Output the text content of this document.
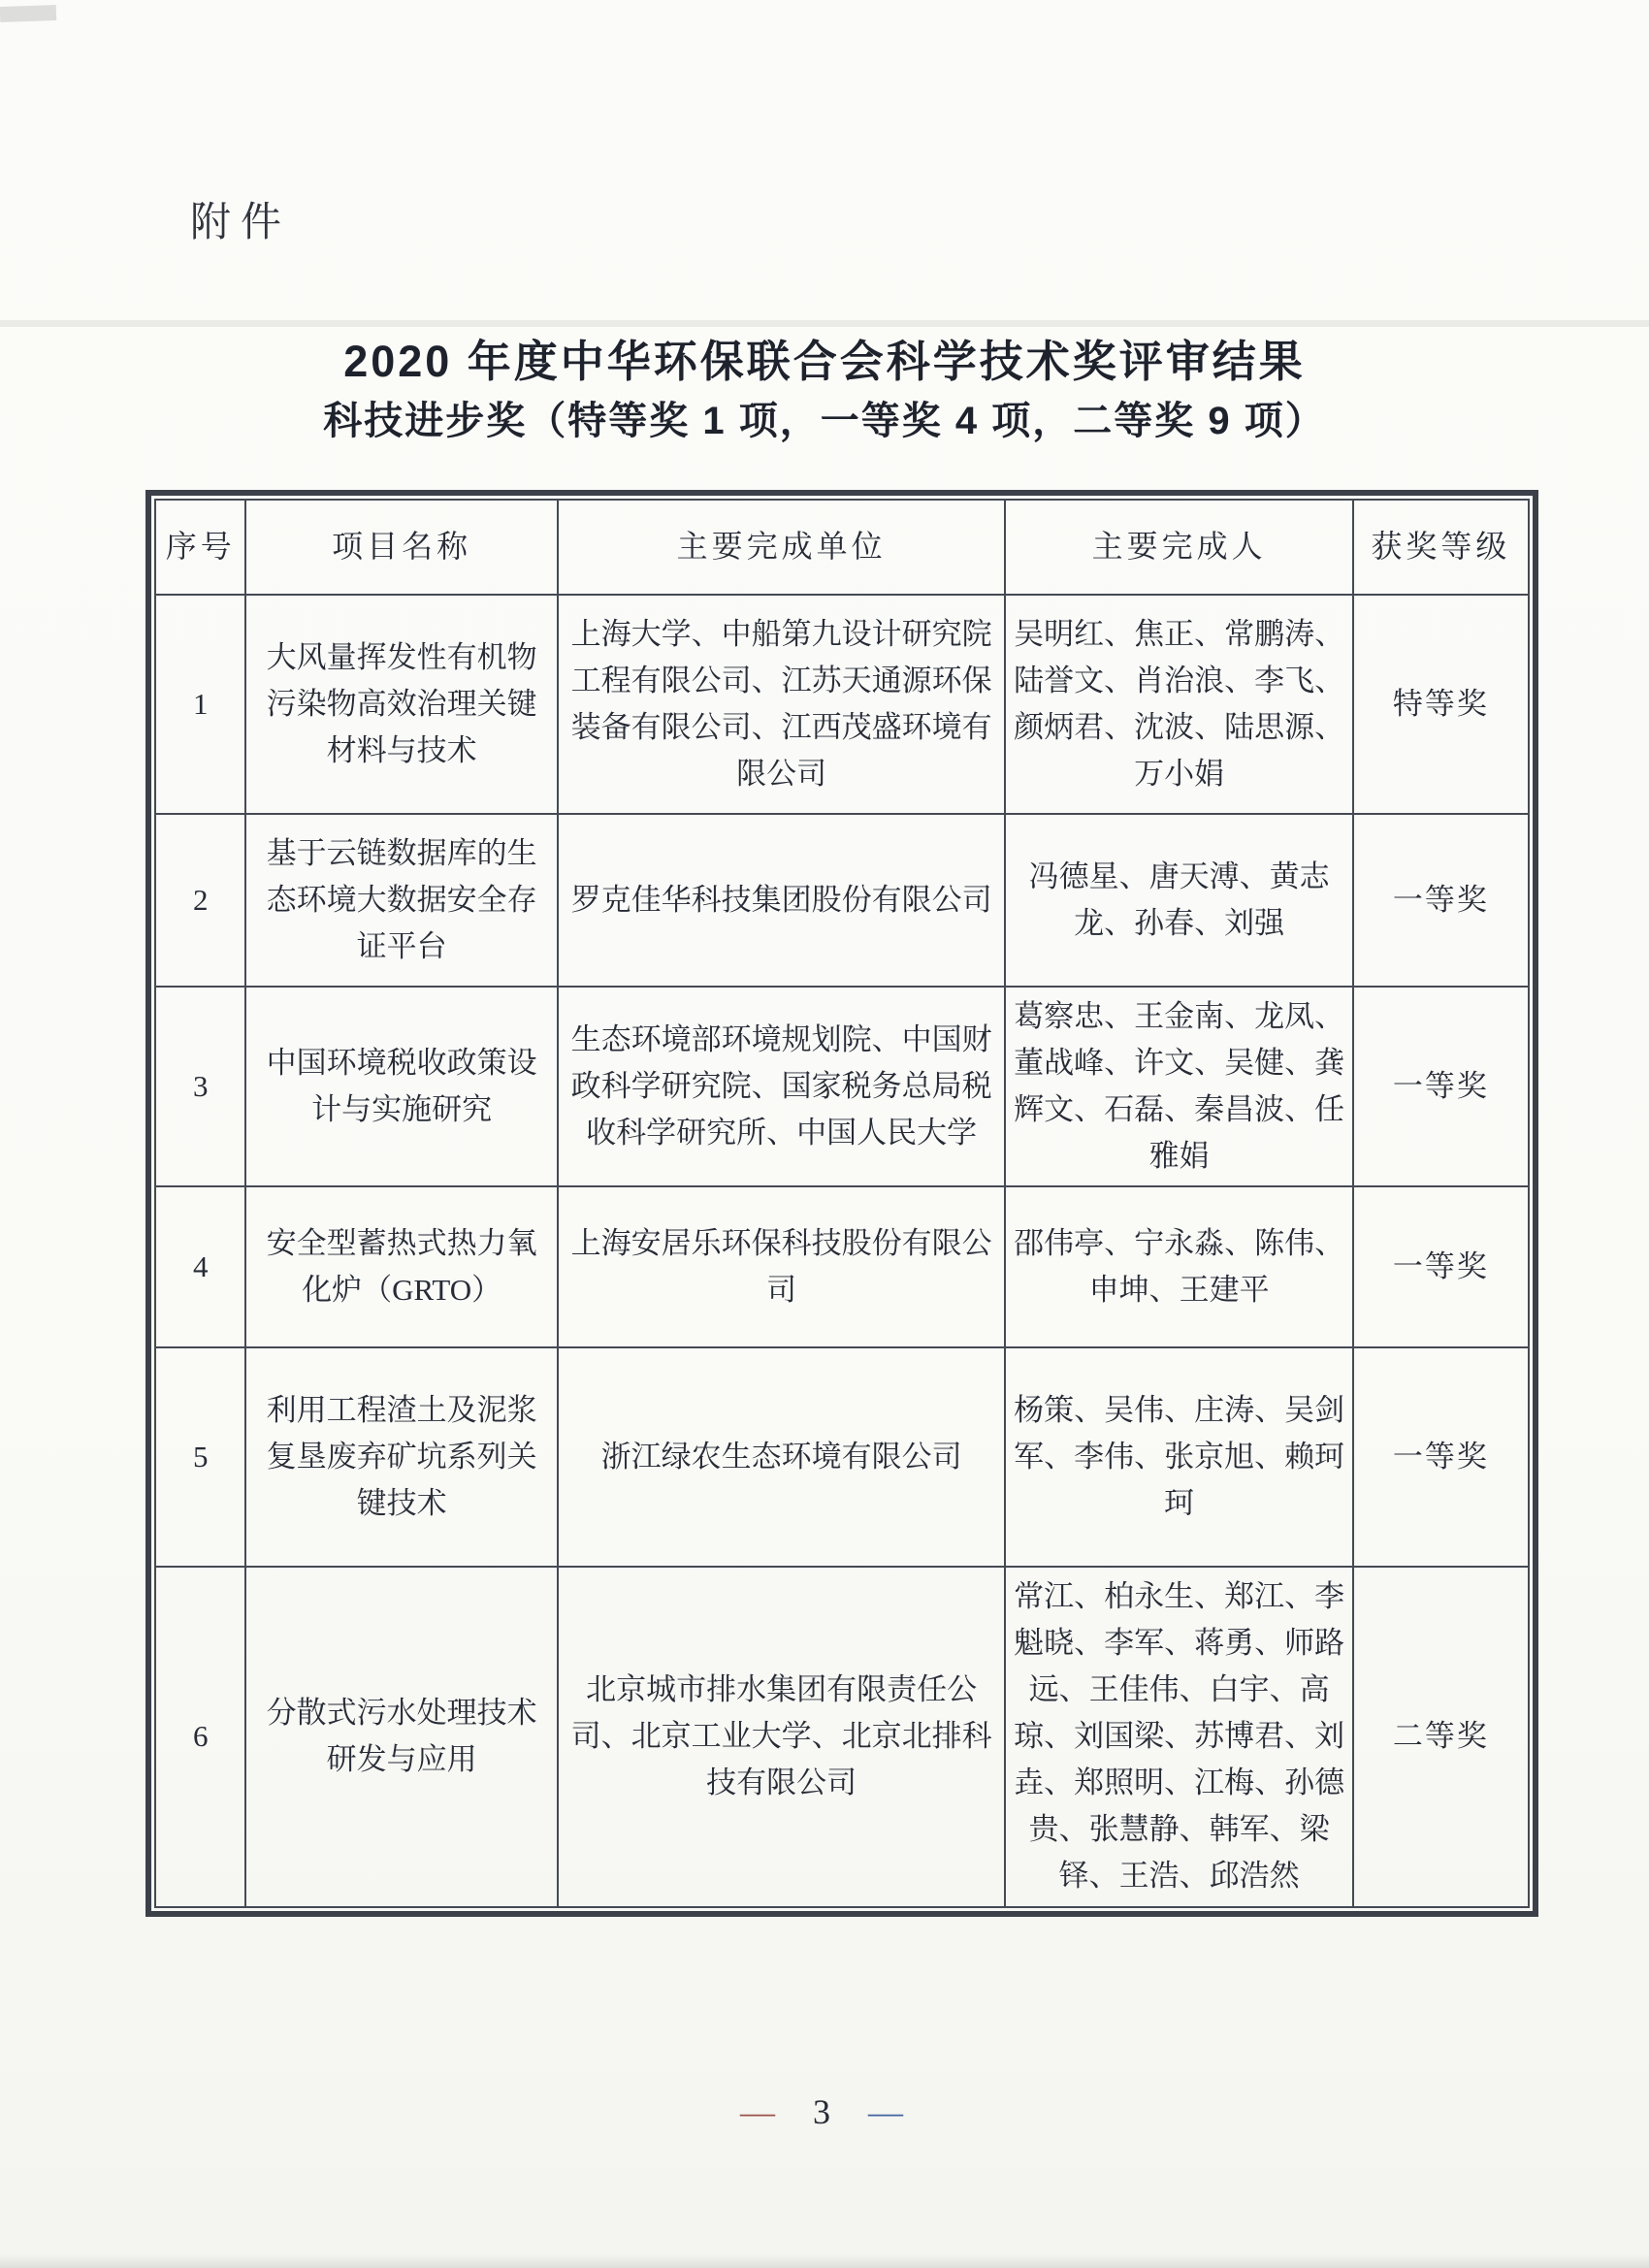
附件
2020 年度中华环保联合会科学技术奖评审结果
科技进步奖（特等奖 1 项，一等奖 4 项，二等奖 9 项）
序号	项目名称	主要完成单位	主要完成人	获奖等级
1	大风量挥发性有机物污染物高效治理关键材料与技术	上海大学、中船第九设计研究院工程有限公司、江苏天通源环保装备有限公司、江西茂盛环境有限公司	吴明红、焦正、常鹏涛、陆誉文、肖治浪、李飞、颜炳君、沈波、陆思源、万小娟	特等奖
2	基于云链数据库的生态环境大数据安全存证平台	罗克佳华科技集团股份有限公司	冯德星、唐天溥、黄志龙、孙春、刘强	一等奖
3	中国环境税收政策设计与实施研究	生态环境部环境规划院、中国财政科学研究院、国家税务总局税收科学研究所、中国人民大学	葛察忠、王金南、龙凤、董战峰、许文、吴健、龚辉文、石磊、秦昌波、任雅娟	一等奖
4	安全型蓄热式热力氧化炉（GRTO）	上海安居乐环保科技股份有限公司	邵伟亭、宁永淼、陈伟、申坤、王建平	一等奖
5	利用工程渣土及泥浆复垦废弃矿坑系列关键技术	浙江绿农生态环境有限公司	杨策、吴伟、庄涛、吴剑军、李伟、张京旭、赖珂珂	一等奖
6	分散式污水处理技术研发与应用	北京城市排水集团有限责任公司、北京工业大学、北京北排科技有限公司	常江、柏永生、郑江、李魁晓、李军、蒋勇、师路远、王佳伟、白宇、高琼、刘国梁、苏博君、刘垚、郑照明、江梅、孙德贵、张慧静、韩军、梁铎、王浩、邱浩然	二等奖
— 3 —
